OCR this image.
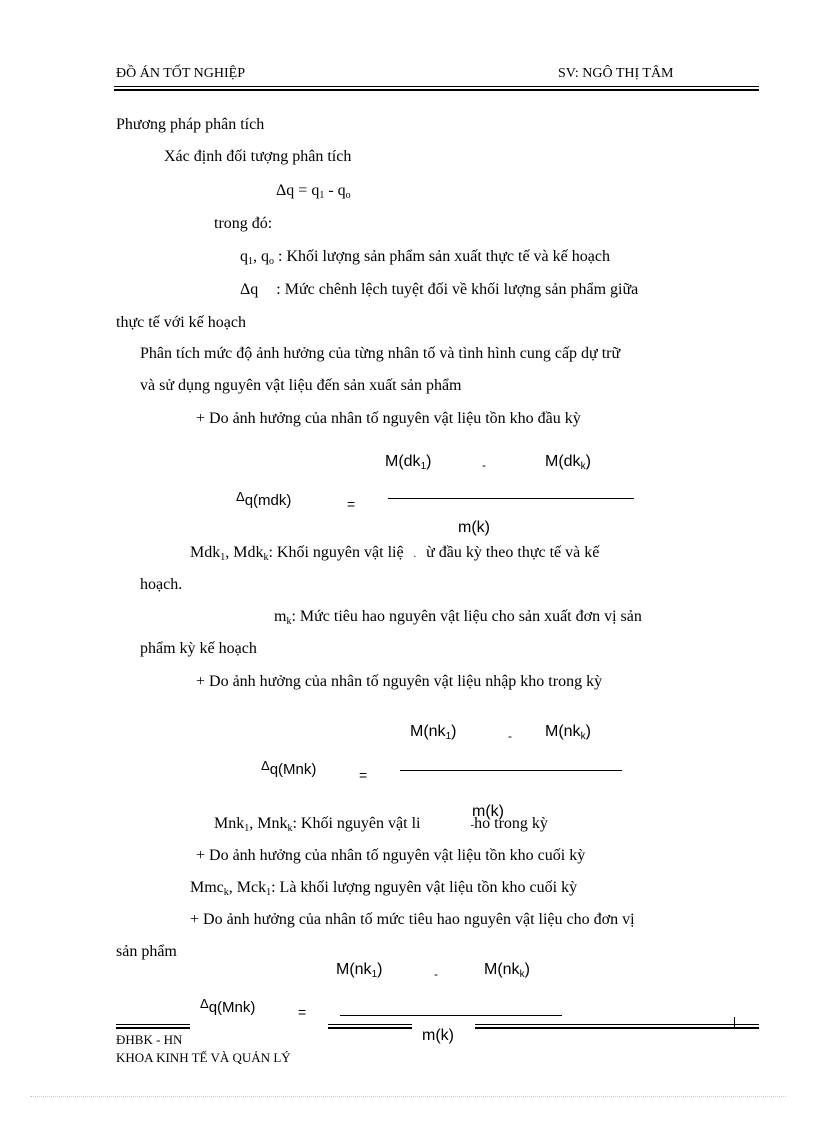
ĐỒ ÁN TỐT NGHIỆP	SV: NGÔ THỊ TÂM
Phương pháp phân tích
Xác định đối tượng phân tích
$\Delta q = q_1 - q_o$
trong đó:
$q_1$, $q_o$ : Khối lượng sản phẩm sản xuất thực tế và kế hoạch
Δq : Mức chênh lệch tuyệt đối về khối lượng sản phẩm giữa
thực tế với kế hoạch
Phân tích mức độ ảnh hưởng của từng nhân tố và tình hình cung cấp dự trữ
và sử dụng nguyên vật liệu đến sản xuất sản phẩm
+ Do ảnh hưởng của nhân tố nguyên vật liệu tồn kho đầu kỳ
$M(dk_1)$	-	$M(dk_k)$
Δq(mdk)	=
m(k)
Mdk$_1$, Mdk$_k$: Khối nguyên vật liệ . ừ đầu kỳ theo thực tế và kế
hoạch.
$m_k$: Mức tiêu hao nguyên vật liệu cho sản xuất đơn vị sản
phẩm kỳ kế hoạch
+ Do ảnh hưởng của nhân tố nguyên vật liệu nhập kho trong kỳ
$M(nk_1)$	- $M(nk_k)$
Δq(Mnk)	=
m(k)
Mnk$_1$, Mnk$_k$: Khối nguyên vật li	-ho trong kỳ
+ Do ảnh hưởng của nhân tố nguyên vật liệu tồn kho cuối kỳ
Mmc$_k$, Mck$_1$: Là khối lượng nguyên vật liệu tồn kho cuối kỳ
+ Do ảnh hưởng của nhân tố mức tiêu hao nguyên vật liệu cho đơn vị
sản phẩm
$M(nk_1)$	-	$M(nk_k)$
Δq(Mnk)	=
m(k)
ĐHBK - HN
KHOA KINH TẾ VÀ QUẢN LÝ
